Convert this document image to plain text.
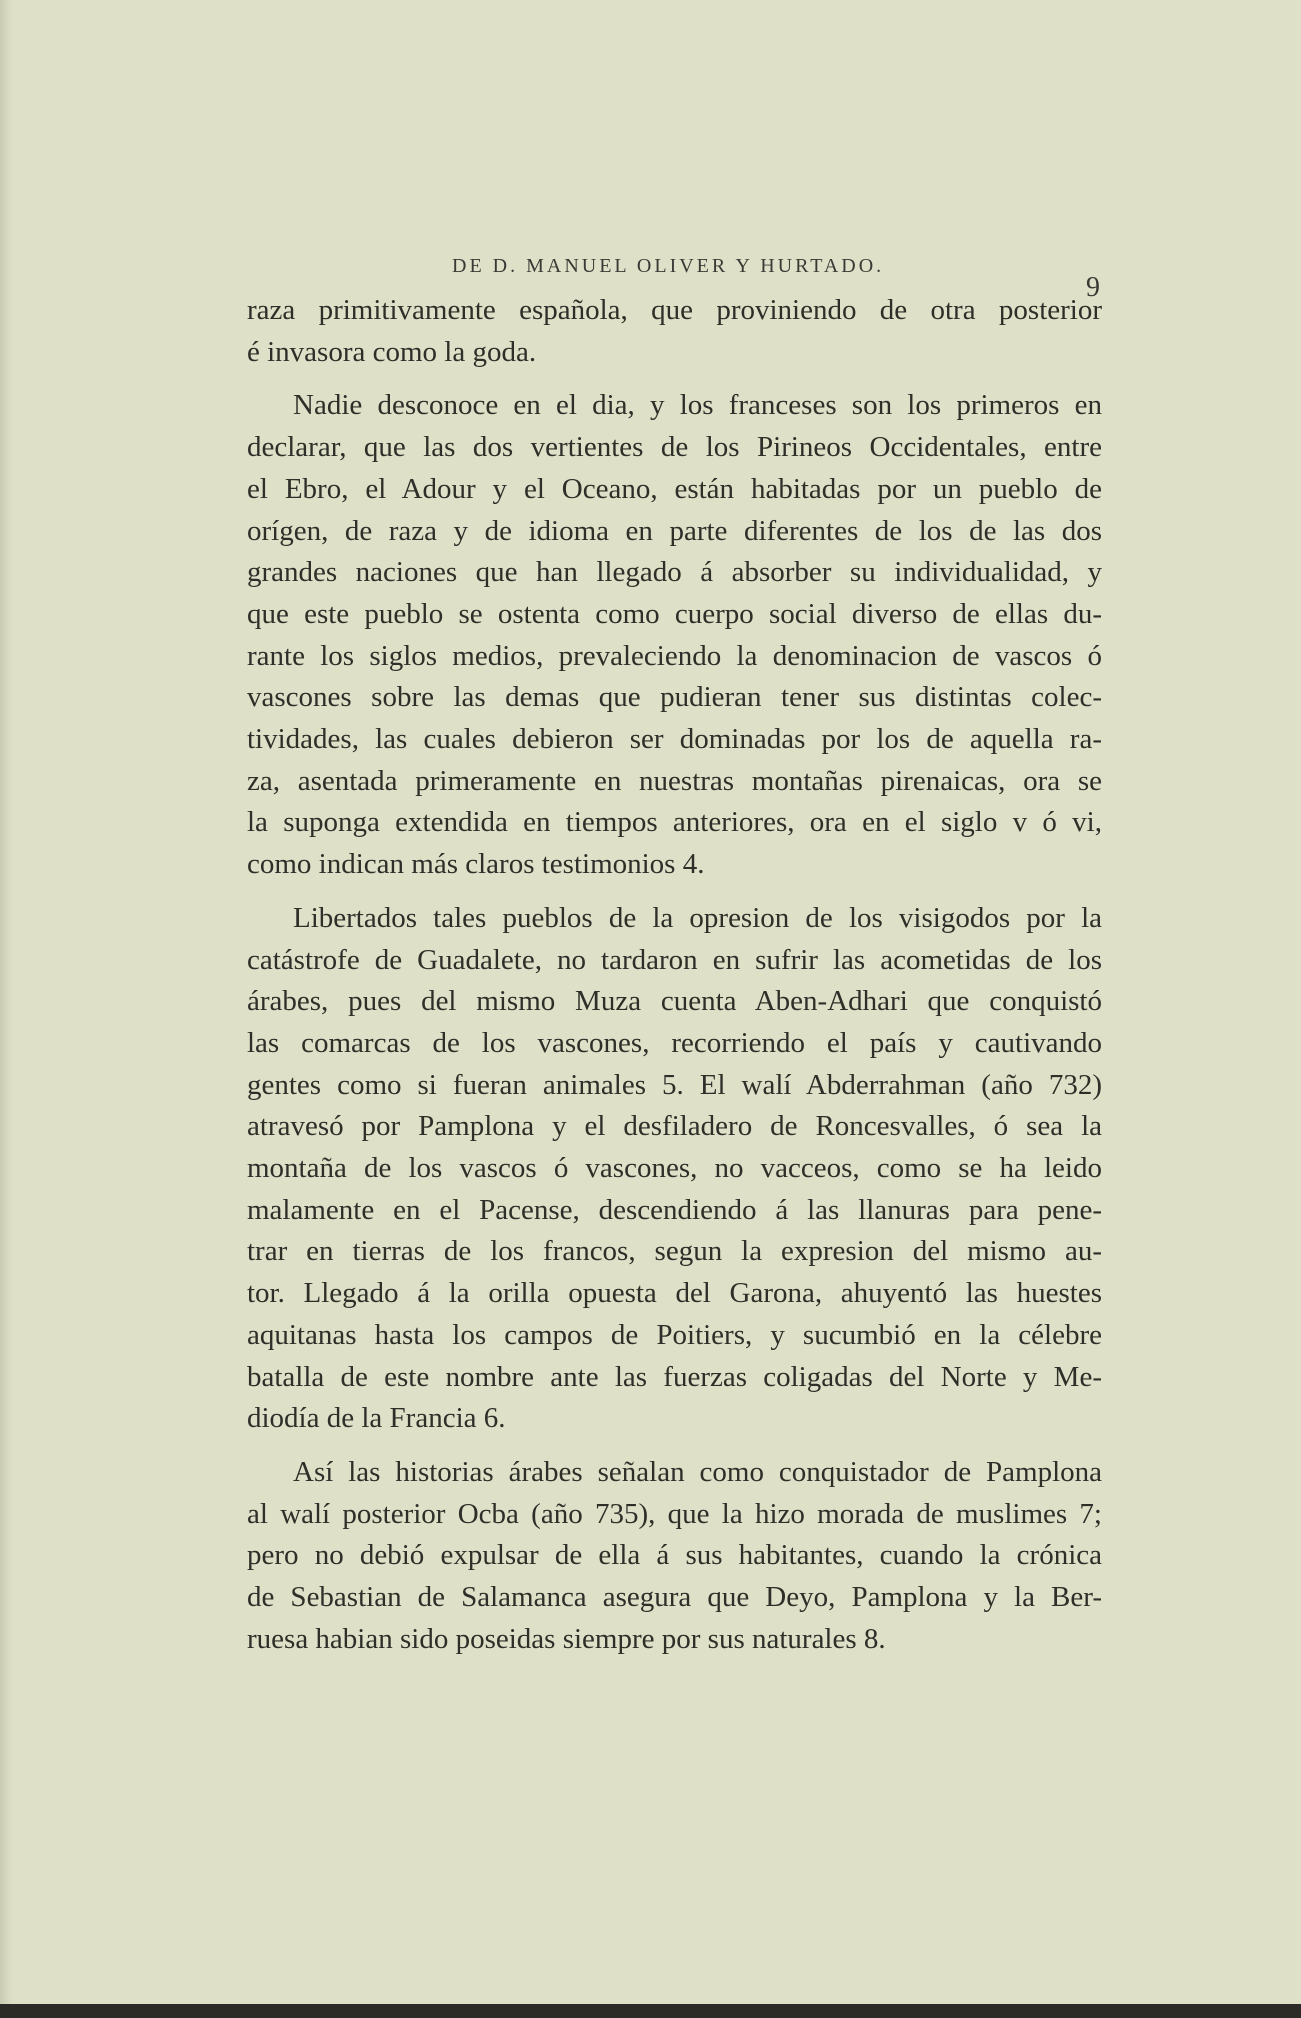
DE D. MANUEL OLIVER Y HURTADO.
9

raza primitivamente española, que proviniendo de otra posterior
é invasora como la goda.

Nadie desconoce en el dia, y los franceses son los primeros en
declarar, que las dos vertientes de los Pirineos Occidentales, entre
el Ebro, el Adour y el Oceano, están habitadas por un pueblo de
orígen, de raza y de idioma en parte diferentes de los de las dos
grandes naciones que han llegado á absorber su individualidad, y
que este pueblo se ostenta como cuerpo social diverso de ellas du-
rante los siglos medios, prevaleciendo la denominacion de vascos ó
vascones sobre las demas que pudieran tener sus distintas colec-
tividades, las cuales debieron ser dominadas por los de aquella ra-
za, asentada primeramente en nuestras montañas pirenaicas, ora se
la suponga extendida en tiempos anteriores, ora en el siglo v ó vi,
como indican más claros testimonios 4.

Libertados tales pueblos de la opresion de los visigodos por la
catástrofe de Guadalete, no tardaron en sufrir las acometidas de los
árabes, pues del mismo Muza cuenta Aben-Adhari que conquistó
las comarcas de los vascones, recorriendo el país y cautivando
gentes como si fueran animales 5. El walí Abderrahman (año 732)
atravesó por Pamplona y el desfiladero de Roncesvalles, ó sea la
montaña de los vascos ó vascones, no vacceos, como se ha leido
malamente en el Pacense, descendiendo á las llanuras para pene-
trar en tierras de los francos, segun la expresion del mismo au-
tor. Llegado á la orilla opuesta del Garona, ahuyentó las huestes
aquitanas hasta los campos de Poitiers, y sucumbió en la célebre
batalla de este nombre ante las fuerzas coligadas del Norte y Me-
diodía de la Francia 6.

Así las historias árabes señalan como conquistador de Pamplona
al walí posterior Ocba (año 735), que la hizo morada de muslimes 7;
pero no debió expulsar de ella á sus habitantes, cuando la crónica
de Sebastian de Salamanca asegura que Deyo, Pamplona y la Ber-
ruesa habian sido poseidas siempre por sus naturales 8.
